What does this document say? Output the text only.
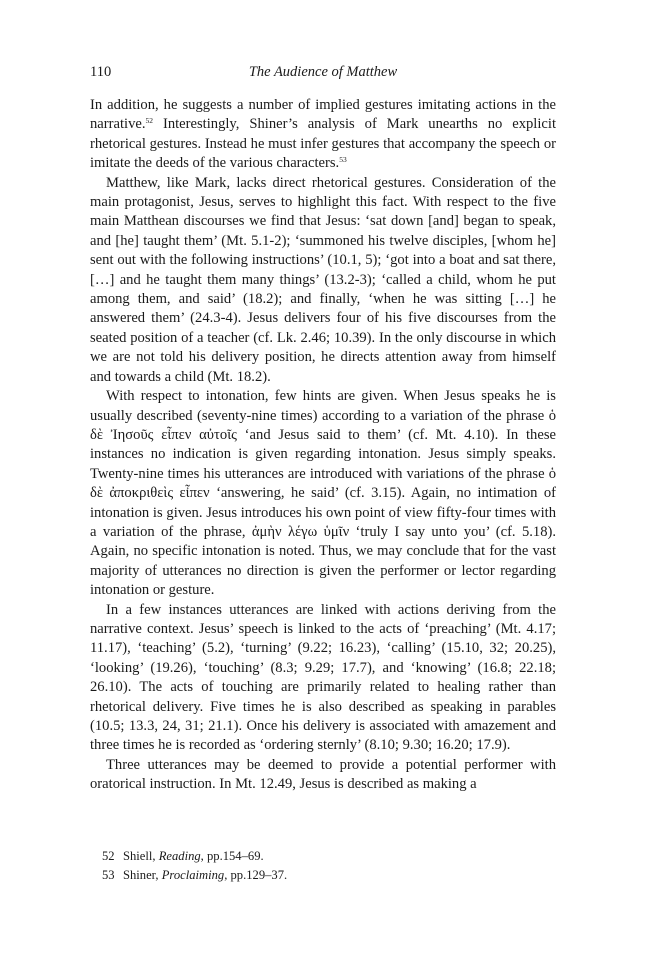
110	The Audience of Matthew

In addition, he suggests a number of implied gestures imitating actions in the narrative.$^{52}$ Interestingly, Shiner’s analysis of Mark unearths no explicit rhetorical gestures. Instead he must infer gestures that accompany the speech or imitate the deeds of the various characters.$^{53}$

Matthew, like Mark, lacks direct rhetorical gestures. Consideration of the main protagonist, Jesus, serves to highlight this fact. With respect to the five main Matthean discourses we find that Jesus: ‘sat down [and] began to speak, and [he] taught them’ (Mt. 5.1-2); ‘summoned his twelve disciples, [whom he] sent out with the following instructions’ (10.1, 5); ‘got into a boat and sat there, […] and he taught them many things’ (13.2-3); ‘called a child, whom he put among them, and said’ (18.2); and finally, ‘when he was sitting […] he answered them’ (24.3-4). Jesus delivers four of his five discourses from the seated position of a teacher (cf. Lk. 2.46; 10.39). In the only discourse in which we are not told his delivery position, he directs attention away from himself and towards a child (Mt. 18.2).

With respect to intonation, few hints are given. When Jesus speaks he is usually described (seventy-nine times) according to a variation of the phrase ὁ δὲ Ἰησοῦς εἶπεν αὐτοῖς ‘and Jesus said to them’ (cf. Mt. 4.10). In these instances no indication is given regarding intonation. Jesus simply speaks. Twenty-nine times his utterances are introduced with variations of the phrase ὁ δὲ ἀποκριθεὶς εἶπεν ‘answering, he said’ (cf. 3.15). Again, no intimation of intonation is given. Jesus introduces his own point of view fifty-four times with a variation of the phrase, ἀμὴν λέγω ὑμῖν ‘truly I say unto you’ (cf. 5.18). Again, no specific intonation is noted. Thus, we may conclude that for the vast majority of utterances no direction is given the performer or lector regarding intonation or gesture.

In a few instances utterances are linked with actions deriving from the narrative context. Jesus’ speech is linked to the acts of ‘preaching’ (Mt. 4.17; 11.17), ‘teaching’ (5.2), ‘turning’ (9.22; 16.23), ‘calling’ (15.10, 32; 20.25), ‘looking’ (19.26), ‘touching’ (8.3; 9.29; 17.7), and ‘knowing’ (16.8; 22.18; 26.10). The acts of touching are primarily related to healing rather than rhetorical delivery. Five times he is also described as speaking in parables (10.5; 13.3, 24, 31; 21.1). Once his delivery is associated with amazement and three times he is recorded as ‘ordering sternly’ (8.10; 9.30; 16.20; 17.9).

Three utterances may be deemed to provide a potential performer with oratorical instruction. In Mt. 12.49, Jesus is described as making a

52 Shiell, Reading, pp.154–69.
53 Shiner, Proclaiming, pp.129–37.
